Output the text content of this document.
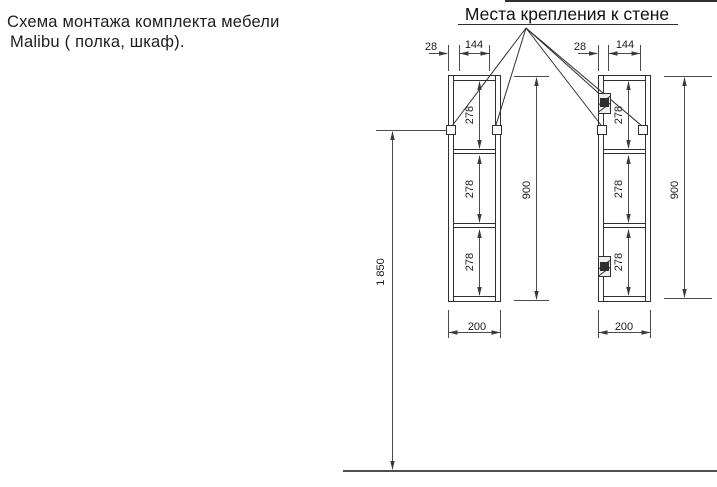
Схема монтажа комплекта мебели
Malibu ( полка, шкаф).
Места крепления к стене
28	144	28	144
278
278
278
278
278
278
900	900
200	200
1 850
